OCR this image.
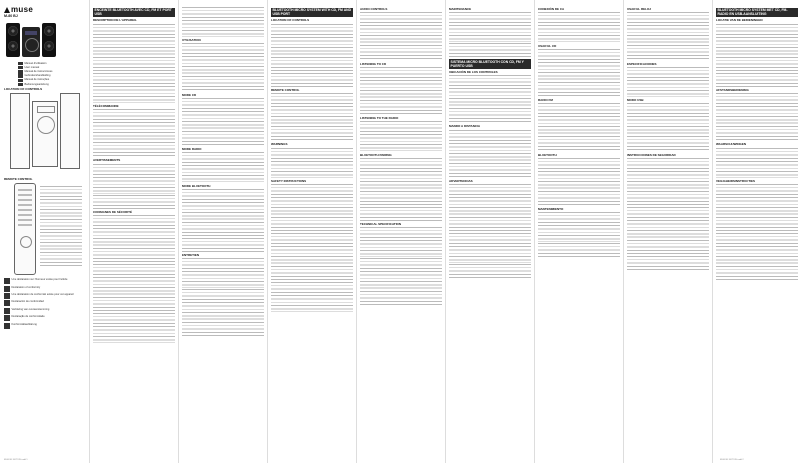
muse
M-80 BJ
Manuel d'utilisation
User manual
Manual de instrucciones
Gebruikershandleiding
Manual de instruções
Bedienungsanleitung
LOCATION OF CONTROLS
REMOTE CONTROL
Une déclaration sur l'honneur existe pour l'article
Declaration of conformity
Une déclaration de conformité existe pour cet appareil
Declaración de conformidad
Verklaring van overeenstemming
Declaração de conformidade
Konformitätserklärung
ENCEINTE BLUETOOTH AVEC CD, FM ET PORT USB
DESCRIPTION DE L'APPAREIL
TÉLÉCOMMANDE
AVERTISSEMENTS
CONSIGNES DE SÉCURITÉ
UTILISATION
MODE CD
MODE RADIO
MODE BLUETOOTH
ENTRETIEN
BLUETOOTH MICRO SYSTEM WITH CD, FM AND USB PORT
LOCATION OF CONTROLS
REMOTE CONTROL
WARNINGS
SAFETY INSTRUCTIONS
AUDIO CONTROLS
LISTENING TO CD
LISTENING TO THE RADIO
BLUETOOTH PAIRING
TECHNICAL SPECIFICATION
MAINTENANCE
SISTEMA MICRO BLUETOOTH CON CD, FM Y PUERTO USB
UBICACIÓN DE LOS CONTROLES
MANDO A DISTANCIA
ADVERTENCIAS
CONEXIÓN DE CA
USAR EL CD
RADIO FM
BLUETOOTH
MANTENIMIENTO
USAR EL RELOJ
ESPECIFICACIONES
MODO USB
INSTRUCCIONES DE SEGURIDAD
BLUETOOTH MICRO SYSTEM MET CD, FM-RADIO EN USB-AANSLUITING
LOCATIE VAN DE BEDIENINGEN
AFSTANDSBEDIENING
WAARSCHUWINGEN
VEILIGHEIDSINSTRUCTIES
M-80 BJ NOTICE.indd 1	M-80 BJ NOTICE.indd 2
